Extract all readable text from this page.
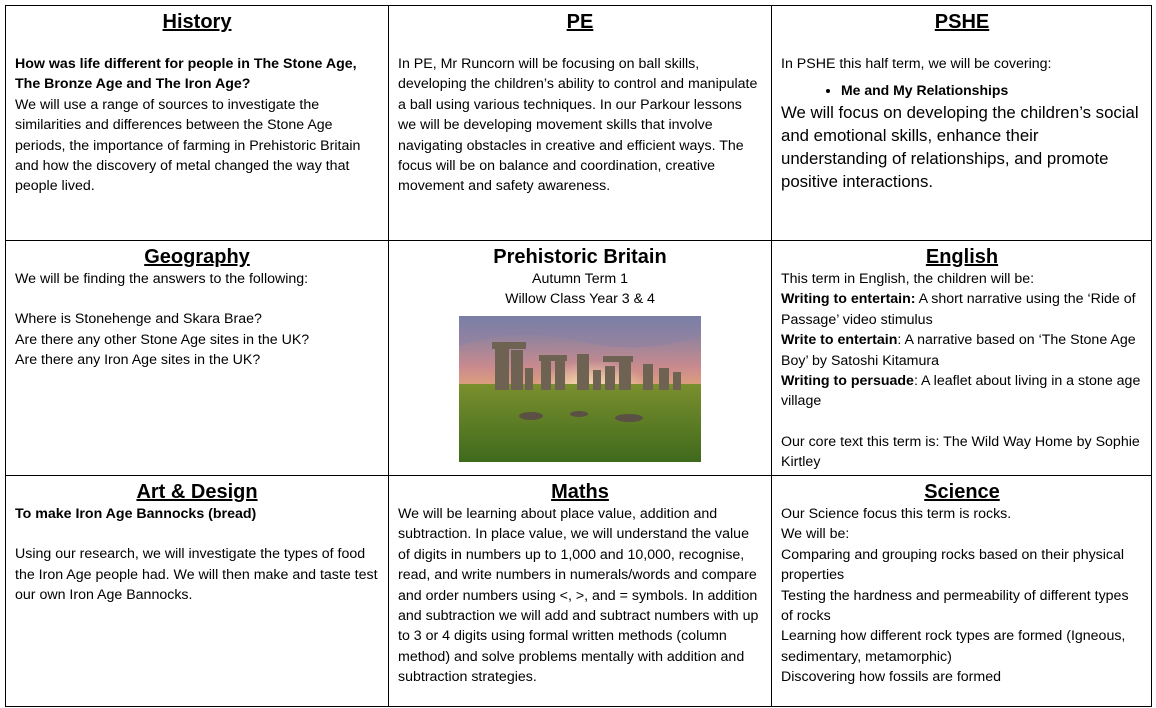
History

How was life different for people in The Stone Age, The Bronze Age and The Iron Age?

We will use a range of sources to investigate the similarities and differences between the Stone Age periods, the importance of farming in Prehistoric Britain and how the discovery of metal changed the way that people lived.

PE

In PE, Mr Runcorn will be focusing on ball skills, developing the children’s ability to control and manipulate a ball using various techniques. In our Parkour lessons we will be developing movement skills that involve navigating obstacles in creative and efficient ways. The focus will be on balance and coordination, creative movement and safety awareness.

PSHE

In PSHE this half term, we will be covering:

• Me and My Relationships

We will focus on developing the children’s social and emotional skills, enhance their understanding of relationships, and promote positive interactions.

Geography

We will be finding the answers to the following:

Where is Stonehenge and Skara Brae?

Are there any other Stone Age sites in the UK?

Are there any Iron Age sites in the UK?

Prehistoric Britain

Autumn Term 1

Willow Class Year 3 & 4

English

This term in English, the children will be:

Writing to entertain: A short narrative using the ‘Ride of Passage’ video stimulus

Write to entertain: A narrative based on ‘The Stone Age Boy’ by Satoshi Kitamura

Writing to persuade: A leaflet about living in a stone age village

Our core text this term is: The Wild Way Home by Sophie Kirtley

Art & Design

To make Iron Age Bannocks (bread)

Using our research, we will investigate the types of food the Iron Age people had. We will then make and taste test our own Iron Age Bannocks.

Maths

We will be learning about place value, addition and subtraction. In place value, we will understand the value of digits in numbers up to 1,000 and 10,000, recognise, read, and write numbers in numerals/words and compare and order numbers using <, >, and = symbols. In addition and subtraction we will add and subtract numbers with up to 3 or 4 digits using formal written methods (column method) and solve problems mentally with addition and subtraction strategies.

Science

Our Science focus this term is rocks.

We will be:

Comparing and grouping rocks based on their physical properties

Testing the hardness and permeability of different types of rocks

Learning how different rock types are formed (Igneous, sedimentary, metamorphic)

Discovering how fossils are formed
